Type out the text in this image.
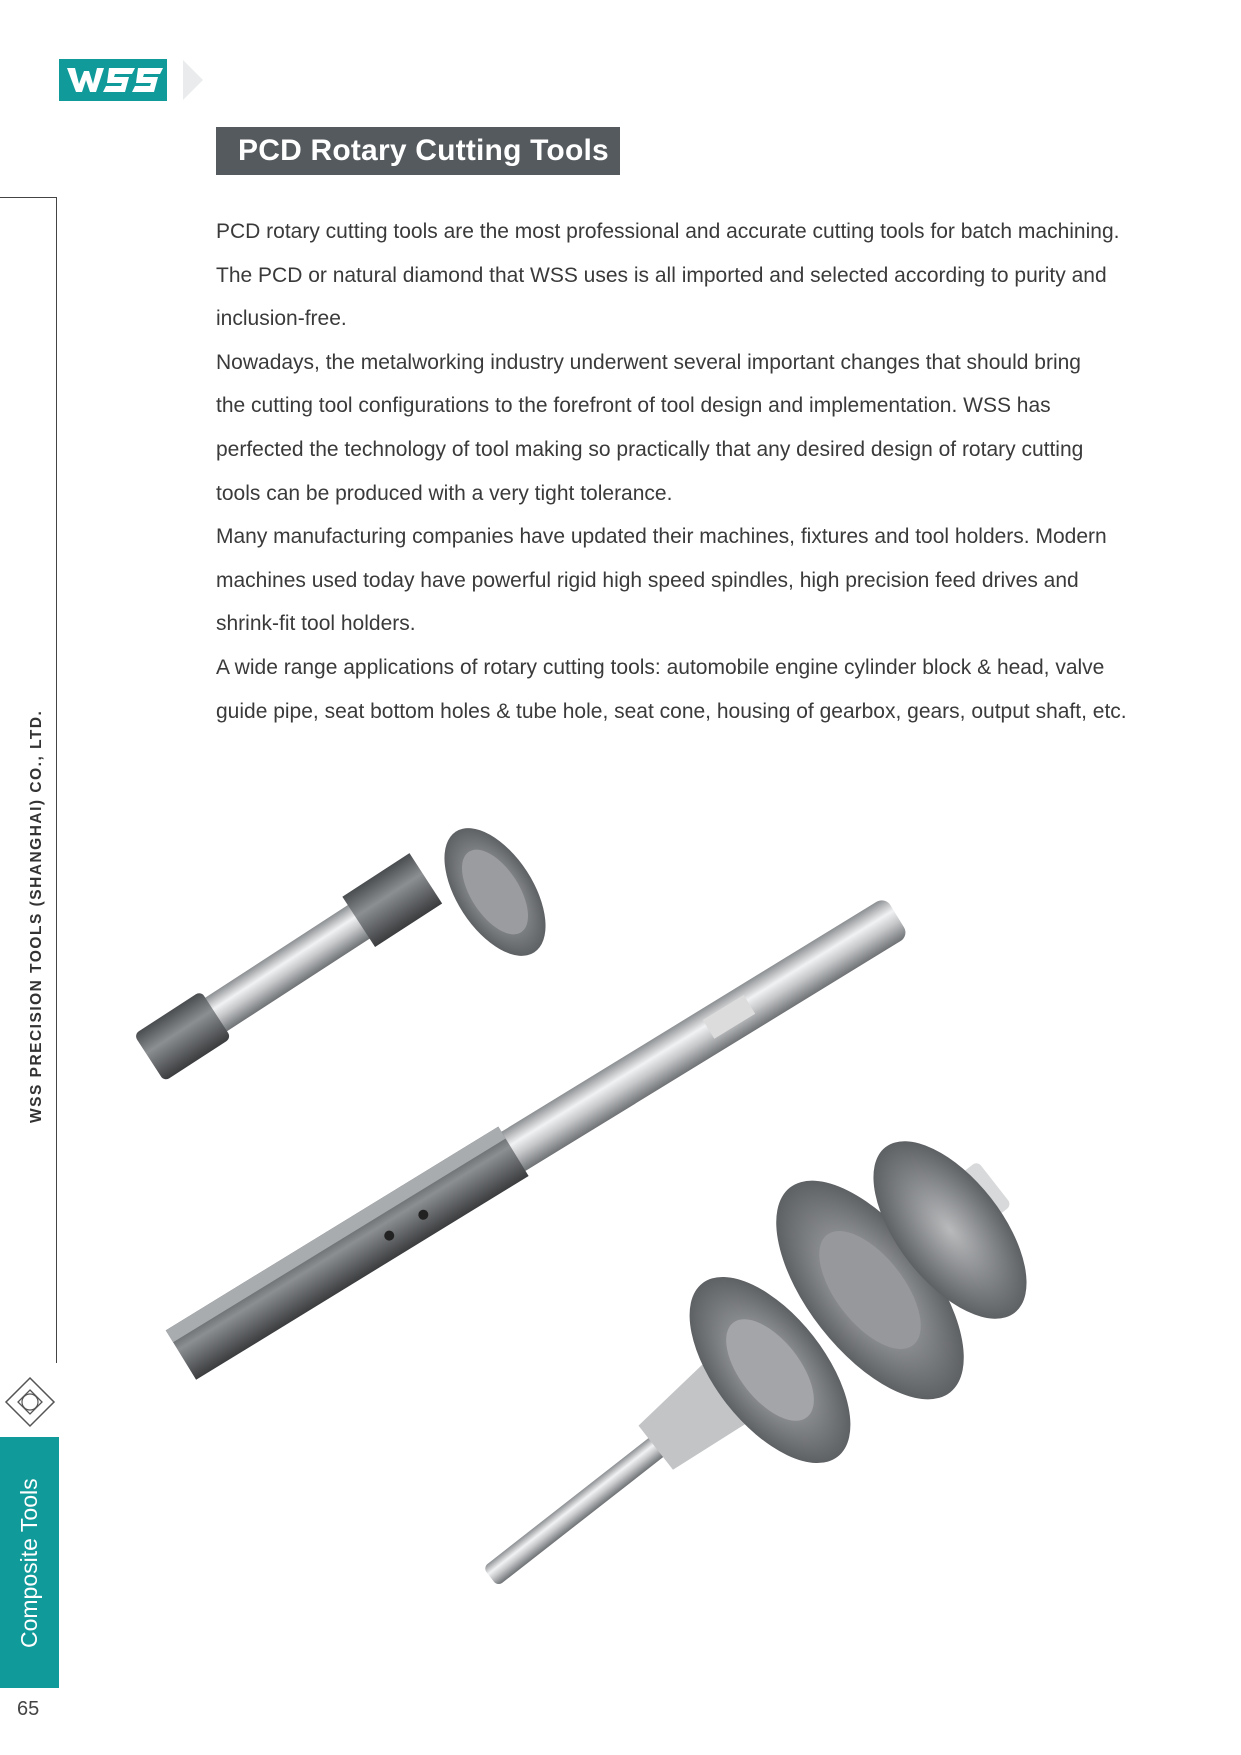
PCD Rotary Cutting Tools

PCD rotary cutting tools are the most professional and accurate cutting tools for batch machining.

The PCD or natural diamond that WSS uses is all imported and selected according to purity and

inclusion-free.

Nowadays, the metalworking industry underwent several important changes that should bring

the cutting tool configurations to the forefront of tool design and implementation. WSS has

perfected the technology of tool making so practically that any desired design of rotary cutting

tools can be produced with a very tight tolerance.

Many manufacturing companies have updated their machines, fixtures and tool holders. Modern

machines used today have powerful rigid high speed spindles, high precision feed drives and

shrink-fit tool holders.

A wide range applications of rotary cutting tools: automobile engine cylinder block & head, valve

guide pipe, seat bottom holes & tube hole, seat cone, housing of gearbox, gears, output shaft, etc.

WSS PRECISION TOOLS (SHANGHAI) CO., LTD.
Composite Tools
65
